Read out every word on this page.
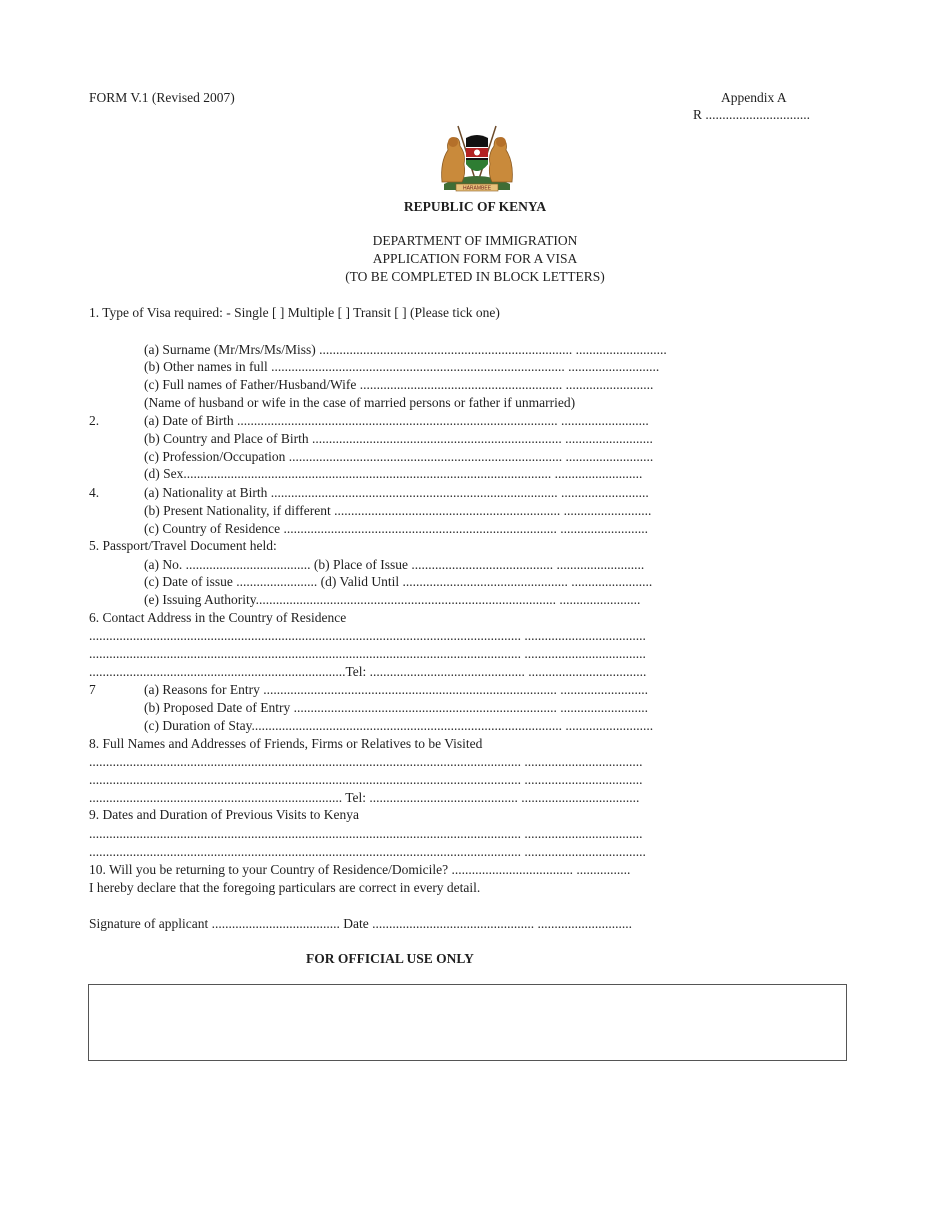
FORM V.1 (Revised 2007)	Appendix A
R ...............................
HARAMBEE
REPUBLIC OF KENYA
DEPARTMENT OF IMMIGRATION
APPLICATION FORM FOR A VISA
(TO BE COMPLETED IN BLOCK LETTERS)
1. Type of Visa required: - Single [ ] Multiple [ ] Transit [ ] (Please tick one)
(a) Surname (Mr/Mrs/Ms/Miss) ........................................................................... ...........................
(b) Other names in full ....................................................................................... ...........................
(c) Full names of Father/Husband/Wife ............................................................ ..........................
(Name of husband or wife in the case of married persons or father if unmarried)
2.	(a) Date of Birth ............................................................................................... ..........................
(b) Country and Place of Birth .......................................................................... ..........................
(c) Profession/Occupation ................................................................................. ..........................
(d) Sex............................................................................................................. ..........................
4.	(a) Nationality at Birth ..................................................................................... ..........................
(b) Present Nationality, if different ................................................................... ..........................
(c) Country of Residence ................................................................................. ..........................
5. Passport/Travel Document held:
(a) No. ..................................... (b) Place of Issue .......................................... ..........................
(c) Date of issue ........................ (d) Valid Until ................................................. ........................
(e) Issuing Authority......................................................................................... ........................
6. Contact Address in the Country of Residence
................................................................................................................................ ....................................
................................................................................................................................ ....................................
............................................................................Tel: .............................................. ...................................
7	(a) Reasons for Entry ....................................................................................... ..........................
(b) Proposed Date of Entry .............................................................................. ..........................
(c) Duration of Stay............................................................................................ ..........................
8. Full Names and Addresses of Friends, Firms or Relatives to be Visited
................................................................................................................................ ...................................
................................................................................................................................ ...................................
........................................................................... Tel: ............................................ ...................................
9. Dates and Duration of Previous Visits to Kenya
................................................................................................................................ ...................................
................................................................................................................................ ....................................
10. Will you be returning to your Country of Residence/Domicile? .................................... ................
I hereby declare that the foregoing particulars are correct in every detail.
Signature of applicant ...................................... Date ................................................ ............................
FOR OFFICIAL USE ONLY
